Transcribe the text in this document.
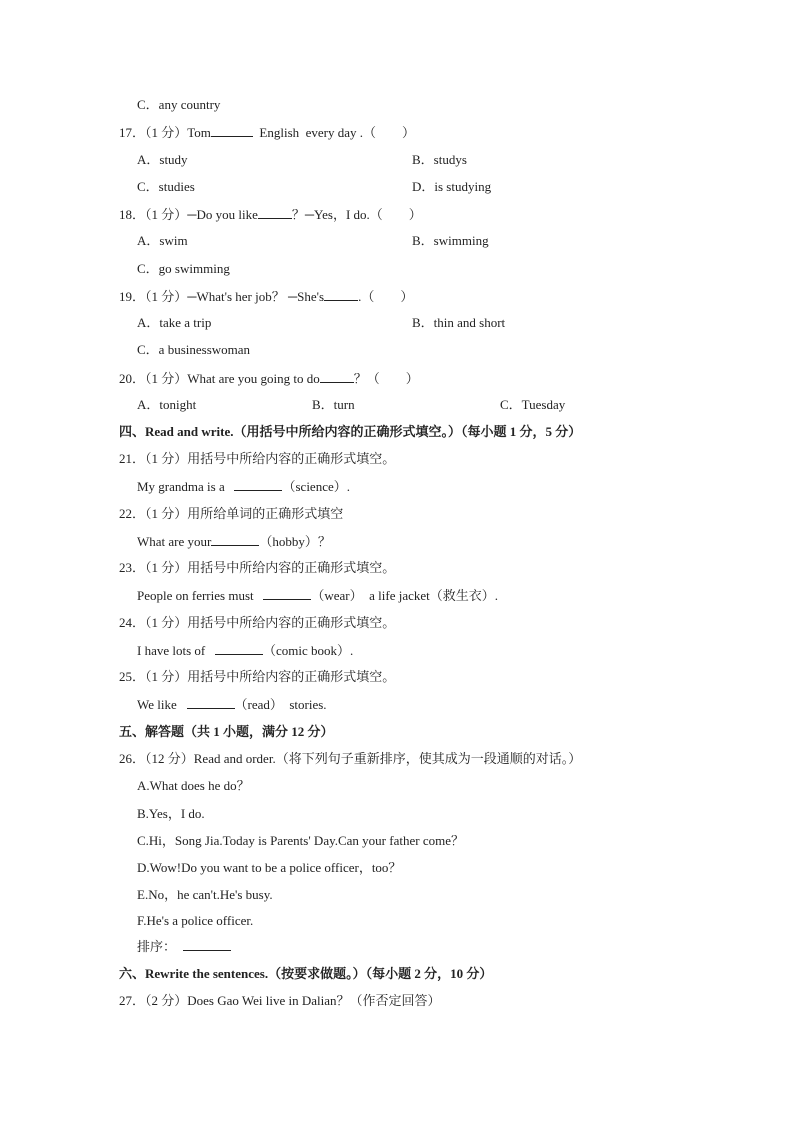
C．any country
17．（1 分）Tom	English  every day .（        ）
A．study	B．studys
C．studies	D．is studying
18．（1 分）─Do you like	？─Yes，I do.（        ）
A．swim	B．swimming
C．go swimming
19．（1 分）─What's her job？ ─She's	.（        ）
A．take a trip	B．thin and short
C．a businesswoman
20．（1 分）What are you going to do	？（        ）
A．tonight	B．turn	C．Tuesday
四、Read and write.（用括号中所给内容的正确形式填空。）（每小题 1 分，5 分）
21．（1 分）用括号中所给内容的正确形式填空。
My grandma is a	（science）.
22．（1 分）用所给单词的正确形式填空
What are your	（hobby）？
23．（1 分）用括号中所给内容的正确形式填空。
People on ferries must	（wear）  a life jacket（救生衣）.
24．（1 分）用括号中所给内容的正确形式填空。
I have lots of	（comic book）.
25．（1 分）用括号中所给内容的正确形式填空。
We like	（read）  stories.
五、解答题（共 1 小题，满分 12 分）
26．（12 分）Read and order.（将下列句子重新排序，使其成为一段通顺的对话。）
A.What does he do？
B.Yes，I do.
C.Hi，Song Jia.Today is Parents' Day.Can your father come？
D.Wow!Do you want to be a police officer，too？
E.No，he can't.He's busy.
F.He's a police officer.
排序：
六、Rewrite the sentences.（按要求做题。）（每小题 2 分，10 分）
27．（2 分）Does Gao Wei live in Dalian？（作否定回答）
